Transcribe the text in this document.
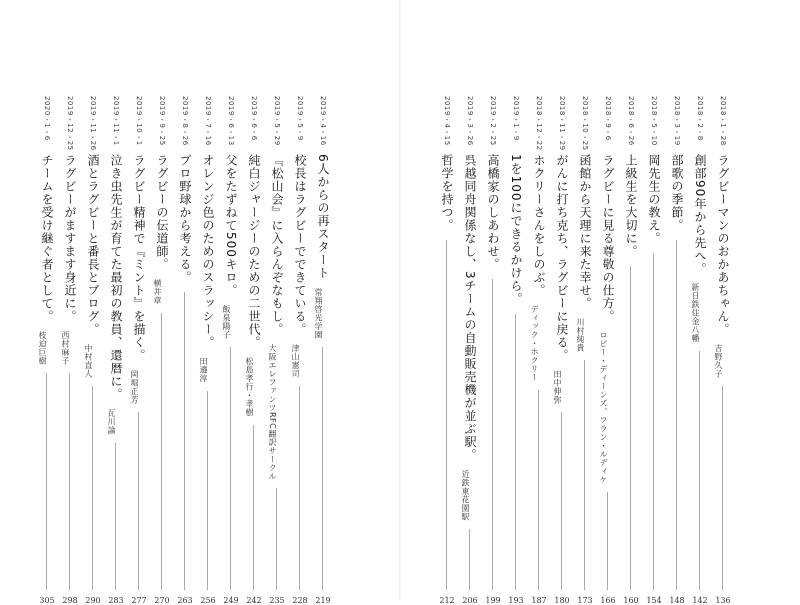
2019・4・16
6人からの再スタート
常翔啓光学園
219
2019・5・9
校長はラグビーでできている。
津山憲司
228
2019・5・29
『松山会』に入らんぞなもし。
大阪エレファンツRFC翻訳サークル
235
2019・6・6
純白ジャージーのための二世代。
松島孝行・孝樹
242
2019・6・13
父をたずねて500キロ。
飯泉陽子
249
2019・7・16
オレンジ色のためのスラッシー。
田邉淳
256
2019・8・26
プロ野球から考える。
263
2019・9・25
ラグビーの伝道師。
横井章
270
2019・10・1
ラグビー精神で『ミント』を描く。
岡堀正芳
277
2019・11・1
泣き虫先生が育てた最初の教員、還暦に。
瓦川論
283
2019・11・26
酒とラグビーと番長とブログ。
中村直人
290
2019・12・25
ラグビーがますます身近に。
西村麻子
298
2020・1・6
チームを受け継ぐ者として。
枝迫巨樹
305
2018・1・28
ラグビーマンのおかあちゃん。
吉野久子
136
2018・2・8
創部90年から先へ。
新日鉄住金八幡
142
2018・3・19
部歌の季節。
148
2018・5・10
岡先生の教え。
154
2018・6・26
上級生を大切に。
160
2018・9・6
ラグビーに見る尊敬の仕方。
ロビー・ディーンズ、フラン・ルディケ
166
2018・10・25
函館から天理に来た幸せ。
川村純貴
173
2018・11・29
がんに打ち克ち、ラグビーに戻る。
田中伸弥
180
2018・12・22
ホクリーさんをしのぶ。
ディック・ホクリー
187
2019・1・9
1を100にできるかけら。
193
2019・2・25
高橋家のしあわせ。
199
2019・3・26
呉越同舟関係なし、3チームの自動販売機が並ぶ駅。
近鉄東花園駅
206
2019・4・15
哲学を持つ。
212
